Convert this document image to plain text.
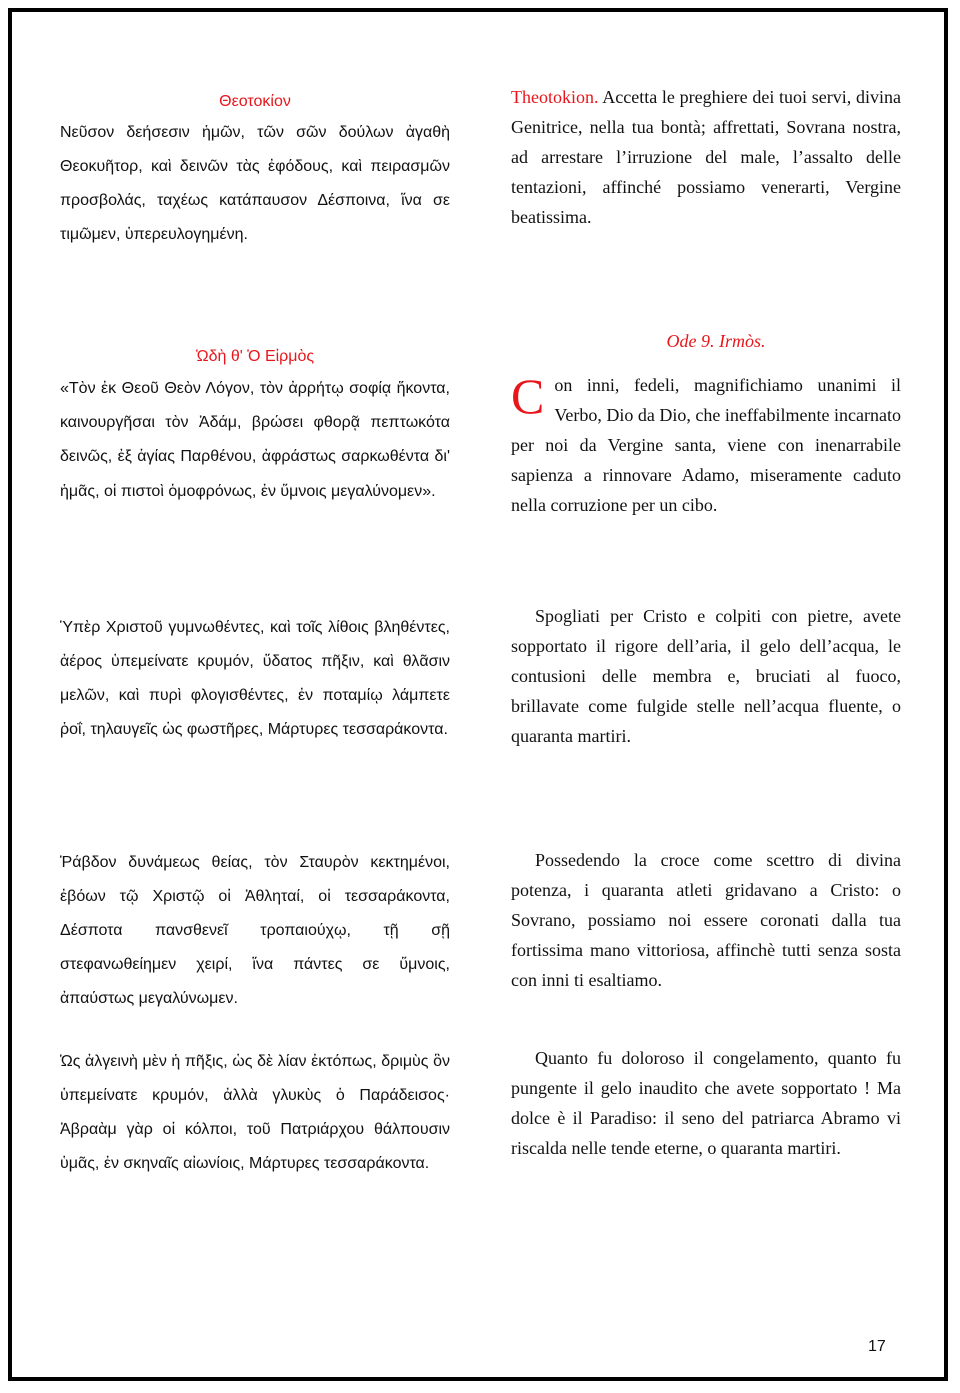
Θεοτοκίον

Νεῦσον δεήσεσιν ἡμῶν, τῶν σῶν δούλων ἀγαθὴ Θεοκυῆτορ, καὶ δεινῶν τὰς ἐφόδους, καὶ πειρασμῶν προσβολάς, ταχέως κατάπαυσον Δέσποινα, ἵνα σε τιμῶμεν, ὑπερευλογημένη.

Theotokion. Accetta le preghiere dei tuoi servi, divina Genitrice, nella tua bontà; affrettati, Sovrana nostra, ad arrestare l’irruzione del male, l’assalto delle tentazioni, affinché possiamo venerarti, Vergine beatissima.

Ὠδὴ θ' Ὁ Εἱρμὸς

«Τὸν ἐκ Θεοῦ Θεὸν Λόγον, τὸν ἀρρήτῳ σοφίᾳ ἥκοντα, καινουργῆσαι τὸν Ἀδάμ, βρώσει φθορᾷ πεπτωκότα δεινῶς, ἐξ ἁγίας Παρθένου, ἀφράστως σαρκωθέντα δι' ἡμᾶς, οἱ πιστοὶ ὁμοφρόνως, ἐν ὕμνοις μεγαλύνομεν».

Ode 9. Irmòs.

Con inni, fedeli, magnifichiamo unanimi il Verbo, Dio da Dio, che ineffabilmente incarnato per noi da Vergine santa, viene con inenarrabile sapienza a rinnovare Adamo, miseramente caduto nella corruzione per un cibo.

Ὑπὲρ Χριστοῦ γυμνωθέντες, καὶ τοῖς λίθοις βληθέντες, ἀέρος ὑπεμείνατε κρυμόν, ὕδατος πῆξιν, καὶ θλᾶσιν μελῶν, καὶ πυρὶ φλογισθέντες, ἐν ποταμίῳ λάμπετε ῥοΐ, τηλαυγεῖς ὡς φωστῆρες, Μάρτυρες τεσσαράκοντα.

Spogliati per Cristo e colpiti con pietre, avete sopportato il rigore dell’aria, il gelo dell’acqua, le contusioni delle membra e, bruciati al fuoco, brillavate come fulgide stelle nell’acqua fluente, o quaranta martiri.

Ῥάβδον δυνάμεως θείας, τὸν Σταυρὸν κεκτημένοι, ἐβόων τῷ Χριστῷ οἱ Ἀθληταί, οἱ τεσσαράκοντα, Δέσποτα πανσθενεῖ τροπαιούχῳ, τῇ σῇ στεφανωθείημεν χειρί, ἵνα πάντες σε ὕμνοις, ἀπαύστως μεγαλύνωμεν.

Possedendo la croce come scettro di divina potenza, i quaranta atleti gridavano a Cristo: o Sovrano, possiamo noi essere coronati dalla tua fortissima mano vittoriosa, affinchè tutti senza sosta con inni ti esaltiamo.

Ὡς ἀλγεινὴ μὲν ἡ πῆξις, ὡς δὲ λίαν ἐκτόπως, δριμὺς ὃν ὑπεμείνατε κρυμόν, ἀλλὰ γλυκὺς ὁ Παράδεισος· Ἀβραὰμ γὰρ οἱ κόλποι, τοῦ Πατριάρχου θάλπουσιν ὑμᾶς, ἐν σκηναῖς αἰωνίοις, Μάρτυρες τεσσαράκοντα.

Quanto fu doloroso il congelamento, quanto fu pungente il gelo inaudito che avete sopportato ! Ma dolce è il Paradiso: il seno del patriarca Abramo vi riscalda nelle tende eterne, o quaranta martiri.

17
